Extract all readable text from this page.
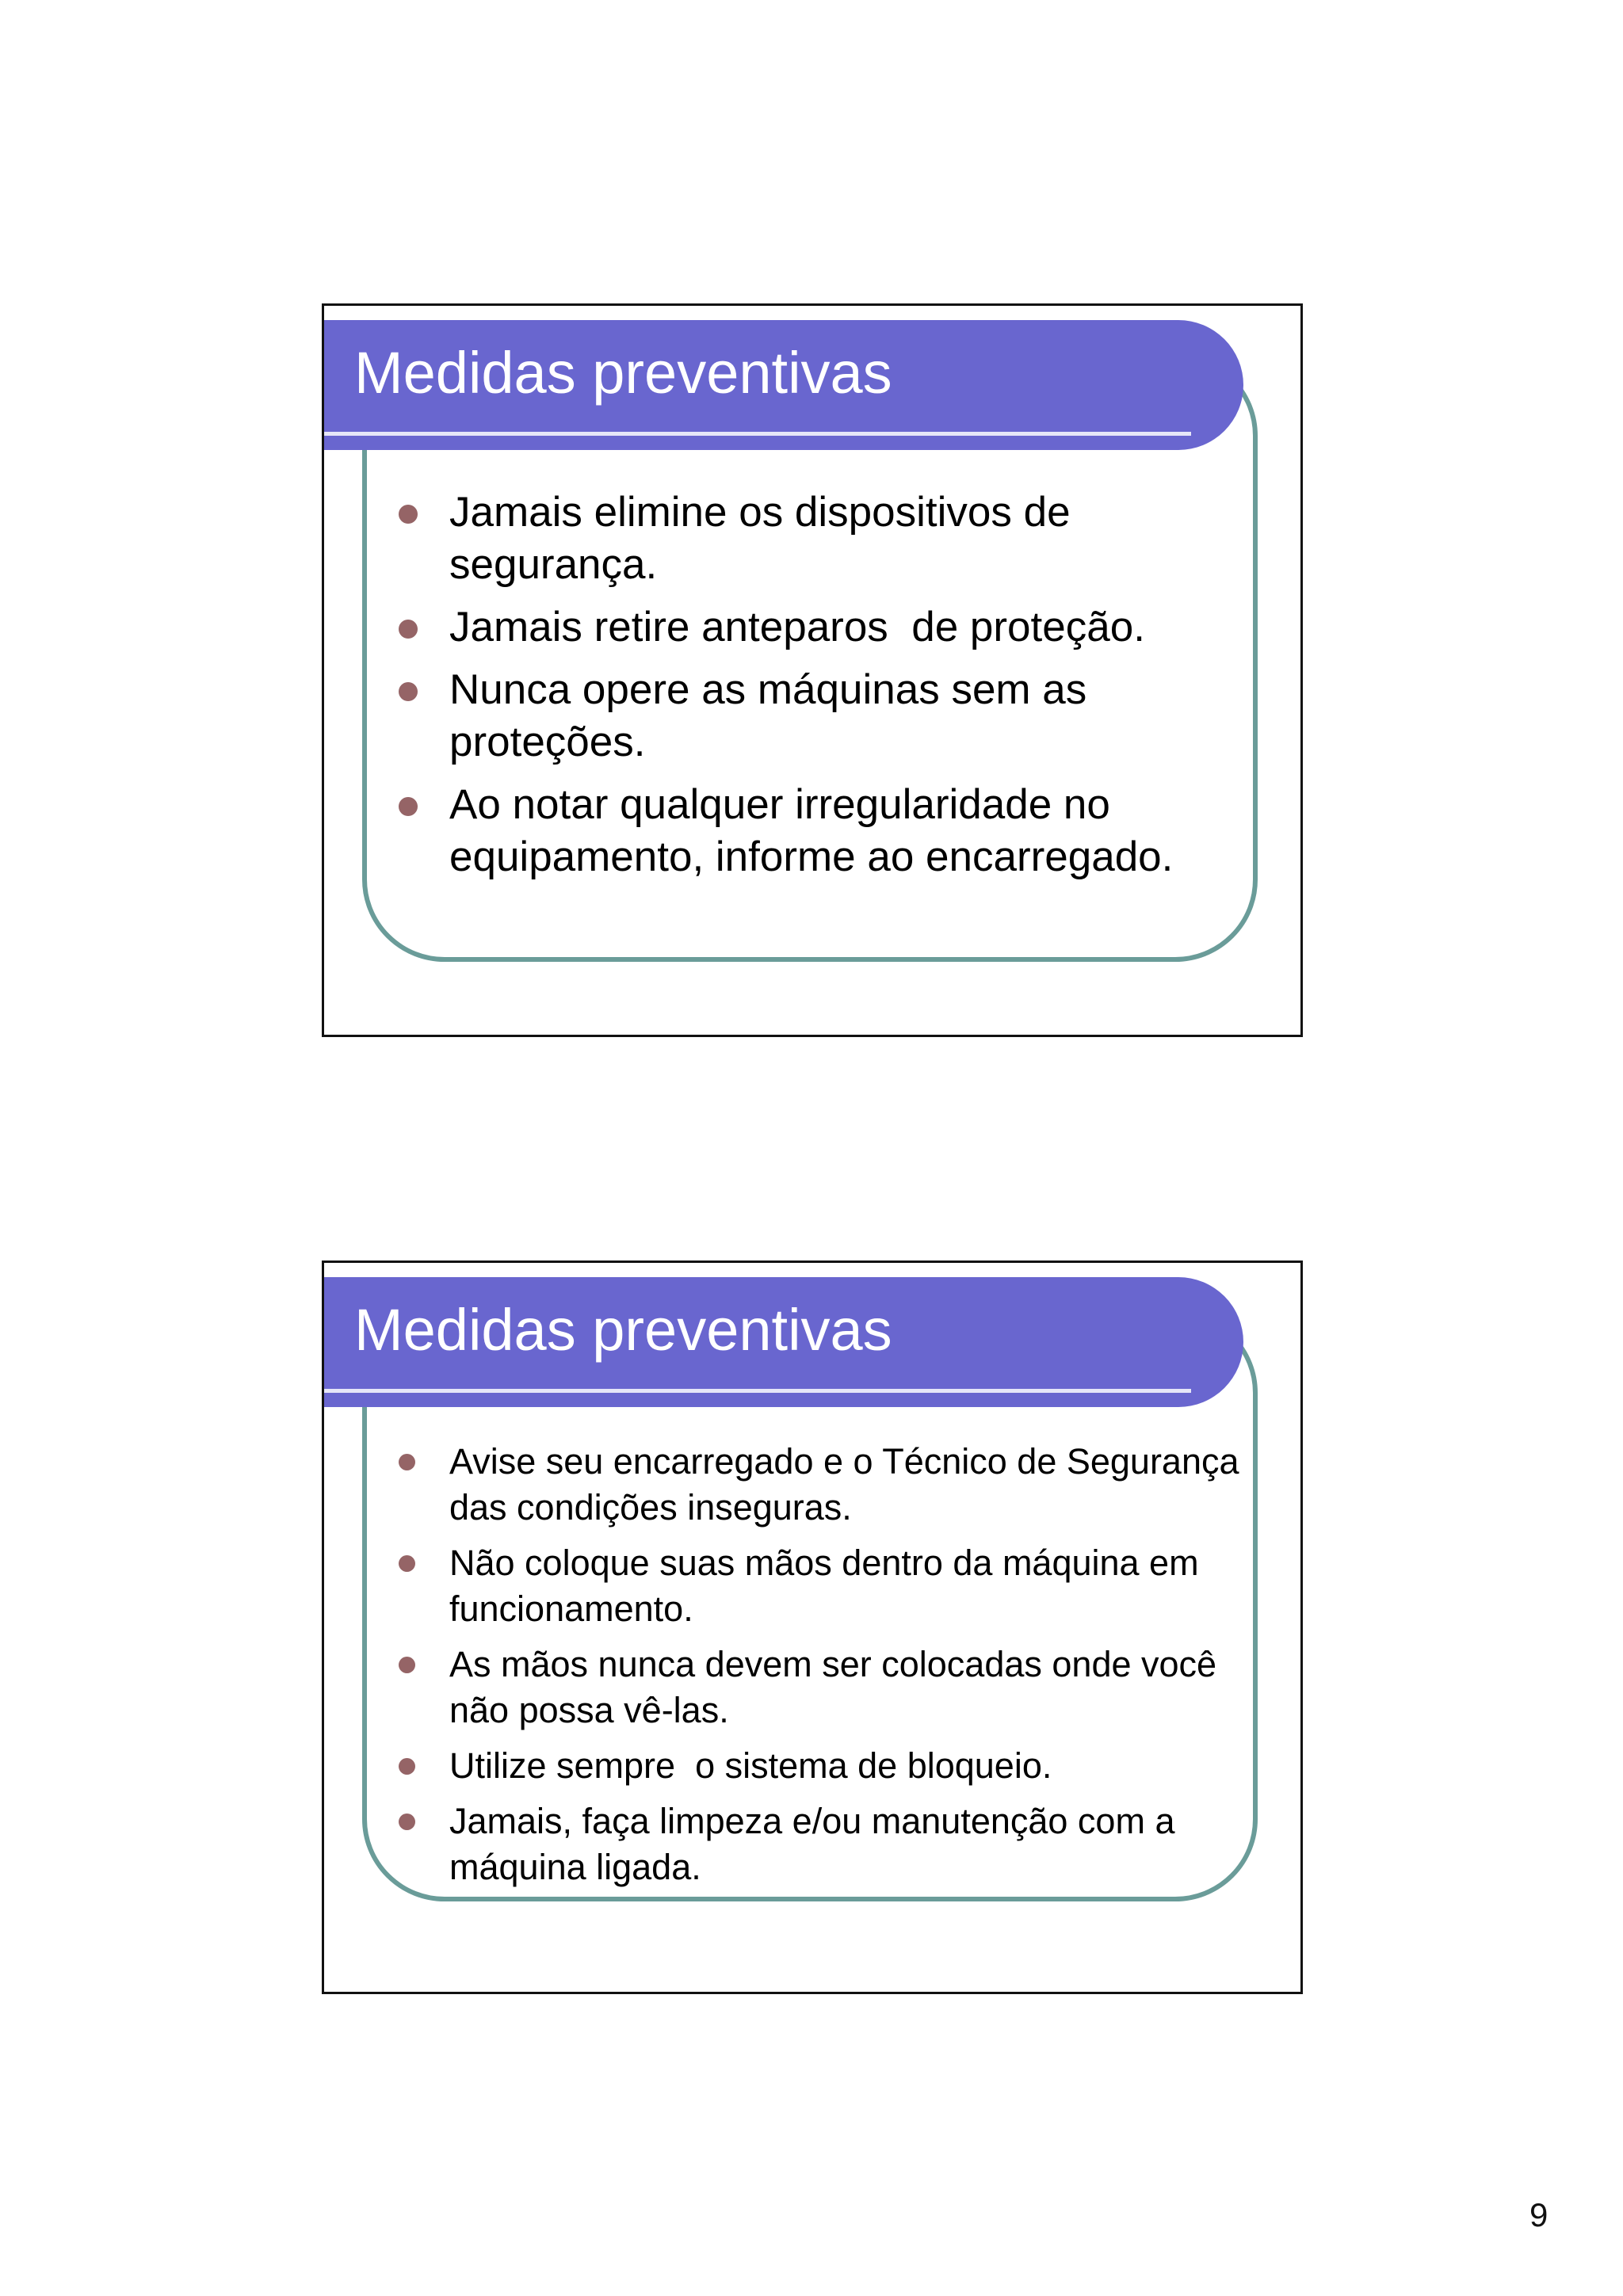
Medidas preventivas
Jamais elimine os dispositivos de segurança.
Jamais retire anteparos  de proteção.
Nunca opere as máquinas sem as proteções.
Ao notar qualquer irregularidade no equipamento, informe ao encarregado.
Medidas preventivas
Avise seu encarregado e o Técnico de Segurança das condições inseguras.
Não coloque suas mãos dentro da máquina em funcionamento.
As mãos nunca devem ser colocadas onde você não possa vê-las.
Utilize sempre  o sistema de bloqueio.
Jamais, faça limpeza e/ou manutenção com a máquina ligada.
9
